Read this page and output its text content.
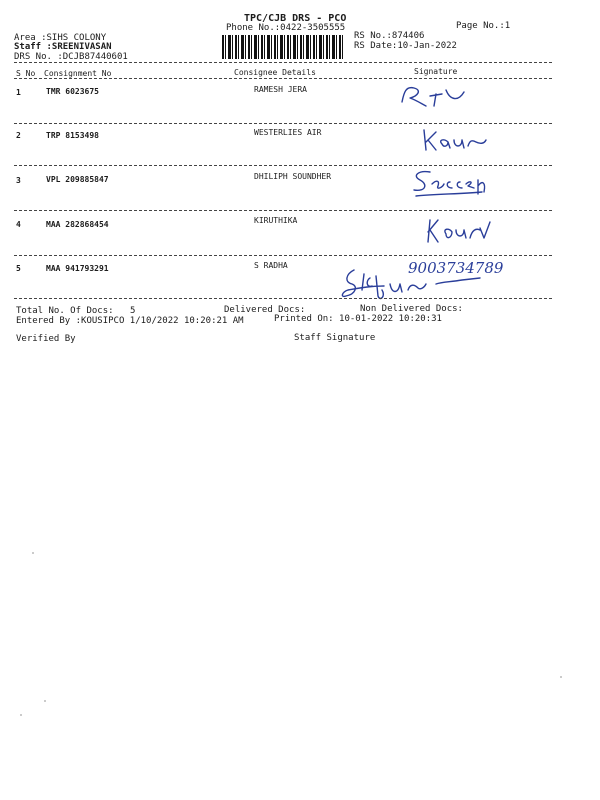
TPC/CJB DRS - PCO
Phone No.:0422-3505555	Page No.:1
Area :SIHS COLONY
Staff :SREENIVASAN
DRS No. :DCJB87440601
RS No.:874406
RS Date:10-Jan-2022
S No Consignment No	Consignee Details	Signature
1	TMR 6023675	RAMESH JERA
2	TRP 8153498	WESTERLIES AIR
3	VPL 209885847	DHILIPH SOUNDHER
4	MAA 282868454	KIRUTHIKA
5	MAA 941793291	S RADHA	9003734789
Total No. Of Docs: 5	Delivered Docs:	Non Delivered Docs:
Entered By :KOUSIPCO 1/10/2022 10:20:21 AM	Printed On: 10-01-2022 10:20:31
Verified By	Staff Signature
